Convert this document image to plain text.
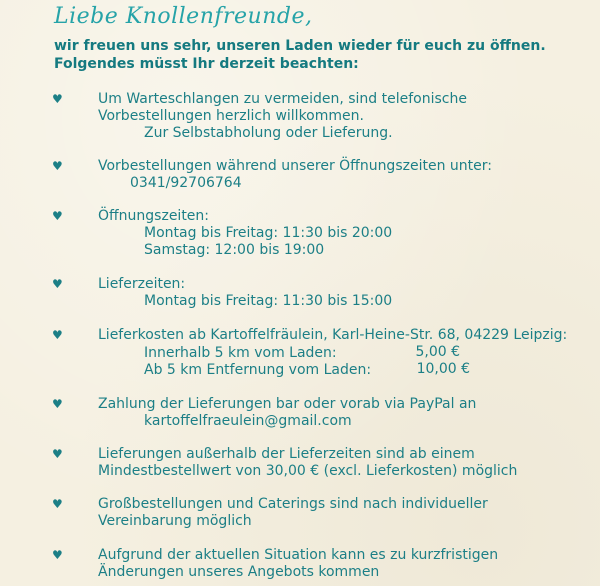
Liebe Knollenfreunde,
wir freuen uns sehr, unseren Laden wieder für euch zu öffnen.
Folgendes müsst Ihr derzeit beachten:
♥	Um Warteschlangen zu vermeiden, sind telefonische
Vorbestellungen herzlich willkommen.
Zur Selbstabholung oder Lieferung.
♥	Vorbestellungen während unserer Öffnungszeiten unter:
0341/92706764
♥	Öffnungszeiten:
Montag bis Freitag: 11:30 bis 20:00
Samstag: 12:00 bis 19:00
♥	Lieferzeiten:
Montag bis Freitag: 11:30 bis 15:00
♥	Lieferkosten ab Kartoffelfräulein, Karl-Heine-Str. 68, 04229 Leipzig:
Innerhalb 5 km vom Laden:	5,00 €
Ab 5 km Entfernung vom Laden:	10,00 €
♥	Zahlung der Lieferungen bar oder vorab via PayPal an
kartoffelfraeulein@gmail.com
♥	Lieferungen außerhalb der Lieferzeiten sind ab einem
Mindestbestellwert von 30,00 € (excl. Lieferkosten) möglich
♥	Großbestellungen und Caterings sind nach individueller
Vereinbarung möglich
♥	Aufgrund der aktuellen Situation kann es zu kurzfristigen
Änderungen unseres Angebots kommen
